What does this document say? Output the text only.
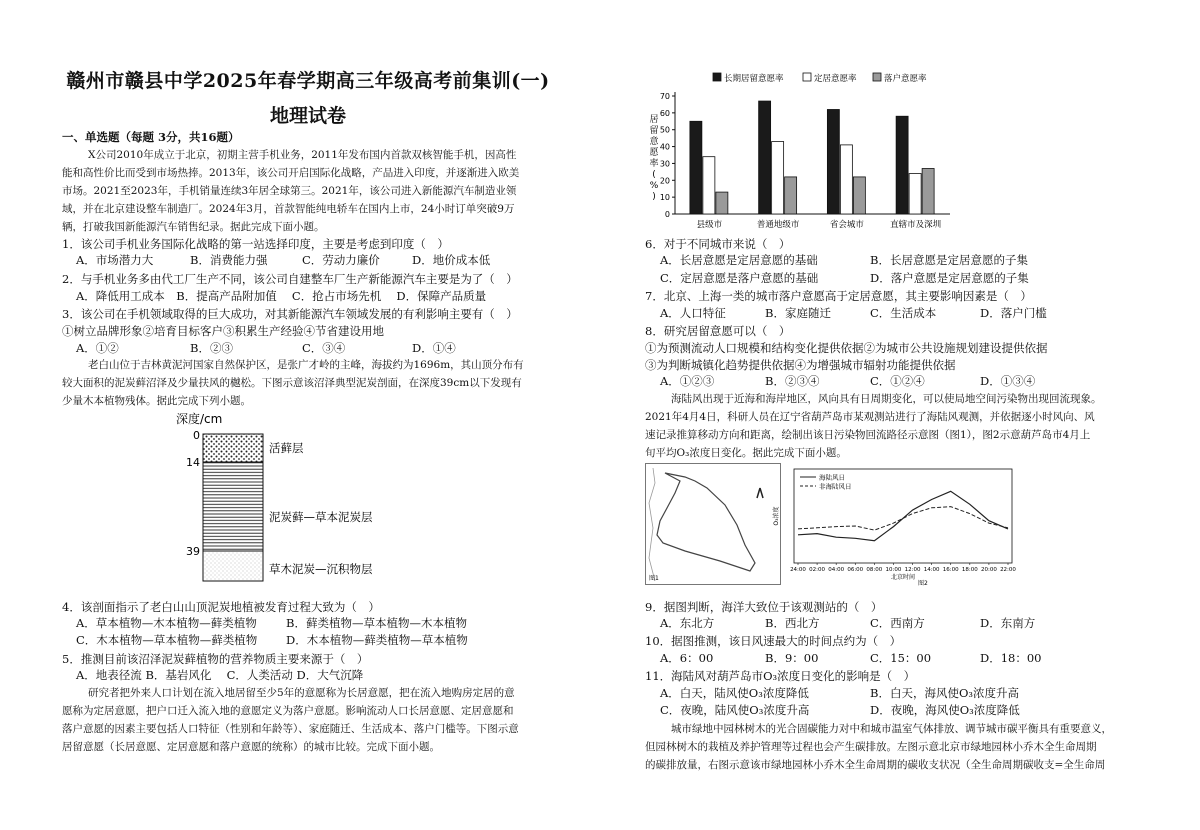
赣州市赣县中学2025年春学期高三年级高考前集训(一)
地理试卷
一、单选题（每题 3分，共16题）
X公司2010年成立于北京，初期主营手机业务，2011年发布国内首款双核智能手机，因高性
能和高性价比而受到市场热捧。2013年，该公司开启国际化战略，产品进入印度，并逐渐进入欧美
市场。2021至2023年，手机销量连续3年居全球第三。2021年，该公司进入新能源汽车制造业领
域，并在北京建设整车制造厂。2024年3月，首款智能纯电轿车在国内上市，24小时订单突破9万
辆，打破我国新能源汽车销售纪录。据此完成下面小题。
1．该公司手机业务国际化战略的第一站选择印度，主要是考虑到印度（　）
A．市场潜力大	B．消费能力强	C．劳动力廉价	D．地价成本低
2．与手机业务多由代工厂生产不同，该公司自建整车厂生产新能源汽车主要是为了（　）
A．降低用工成本　B．提高产品附加值　 C．抢占市场先机　 D．保障产品质量
3．该公司在手机领域取得的巨大成功，对其新能源汽车领域发展的有利影响主要有（　）
①树立品牌形象②培育目标客户③积累生产经验④节省建设用地
A．①②	B．②③	C．③④	D．①④
老白山位于吉林黄泥河国家自然保护区，是张广才岭的主峰，海拔约为1696m，其山顶分布有
较大面积的泥炭藓沼泽及少量扶风的樾松。下图示意该沼泽典型泥炭剖面，在深度39cm以下发现有
少量木本植物残体。据此完成下列小题。
深度/cm
0
14
39
活藓层
泥炭藓—草本泥炭层
草木泥炭—沉积物层
4．该剖面指示了老白山山顶泥炭地植被发育过程大致为（　）
A．草本植物—木本植物—藓类植物	B．藓类植物—草本植物—木本植物
C．木本植物—草本植物—藓类植物 D．木本植物—藓类植物—草本植物
5．推测目前该沼泽泥炭藓植物的营养物质主要来源于（　）
A．地表径流 B．基岩风化　 C．人类活动 D．大气沉降
研究者把外来人口计划在流入地居留至少5年的意愿称为长居意愿，把在流入地购房定居的意
愿称为定居意愿，把户口迁入流入地的意愿定义为落户意愿。影响流动人口长居意愿、定居意愿和
落户意愿的因素主要包括人口特征（性别和年龄等）、家庭随迁、生活成本、落户门槛等。下图示意
居留意愿（长居意愿、定居意愿和落户意愿的统称）的城市比较。完成下面小题。
长期居留意愿率	定居意愿率	落户意愿率
0
10
20
30
40
50
60
70
县级市	普通地级市	省会城市	直辖市及深圳
居
留
意
愿
率
(
%
)
6．对于不同城市来说（　）
A．长居意愿是定居意愿的基础	B．长居意愿是定居意愿的子集
C．定居意愿是落户意愿的基础	D．落户意愿是定居意愿的子集
7．北京、上海一类的城市落户意愿高于定居意愿，其主要影响因素是（　）
A．人口特征	B．家庭随迁	C．生活成本	D．落户门槛
8．研究居留意愿可以（　）
①为预测流动人口规模和结构变化提供依据②为城市公共设施规划建设提供依据
③为判断城镇化趋势提供依据④为增强城市辐射功能提供依据
A．①②③	B．②③④	C．①②④	D．①③④
海陆风出现于近海和海岸地区，风向具有日周期变化，可以使局地空间污染物出现回流现象。
2021年4月4日，科研人员在辽宁省葫芦岛市某观测站进行了海陆风观测，并依据逐小时风向、风
速记录推算移动方向和距离，绘制出该日污染物回流路径示意图（图1），图2示意葫芦岛市4月上
旬平均O₃浓度日变化。据此完成下面小题。
图1
24:00 02:00 04:00 06:00 08:00 10:00 12:00 14:00 16:00 18:00 20:00 22:00
北京时间
O₃浓度
海陆风日
非海陆风日
图2
9．据图判断，海洋大致位于该观测站的（　）
A．东北方	B．西北方	C．西南方	D．东南方
10．据图推测，该日风速最大的时间点约为（　）
A．6：00	B．9：00	C．15：00	D．18：00
11．海陆风对葫芦岛市O₃浓度日变化的影响是（　）
A．白天，陆风使O₃浓度降低	B．白天，海风使O₃浓度升高
C．夜晚，陆风使O₃浓度升高	D．夜晚，海风使O₃浓度降低
城市绿地中园林树木的光合固碳能力对中和城市温室气体排放、调节城市碳平衡具有重要意义，
但园林树木的栽植及养护管理等过程也会产生碳排放。左图示意北京市绿地园林小乔木全生命周期
的碳排放量，右图示意该市绿地园林小乔木全生命周期的碳收支状况（全生命周期碳收支=全生命周
